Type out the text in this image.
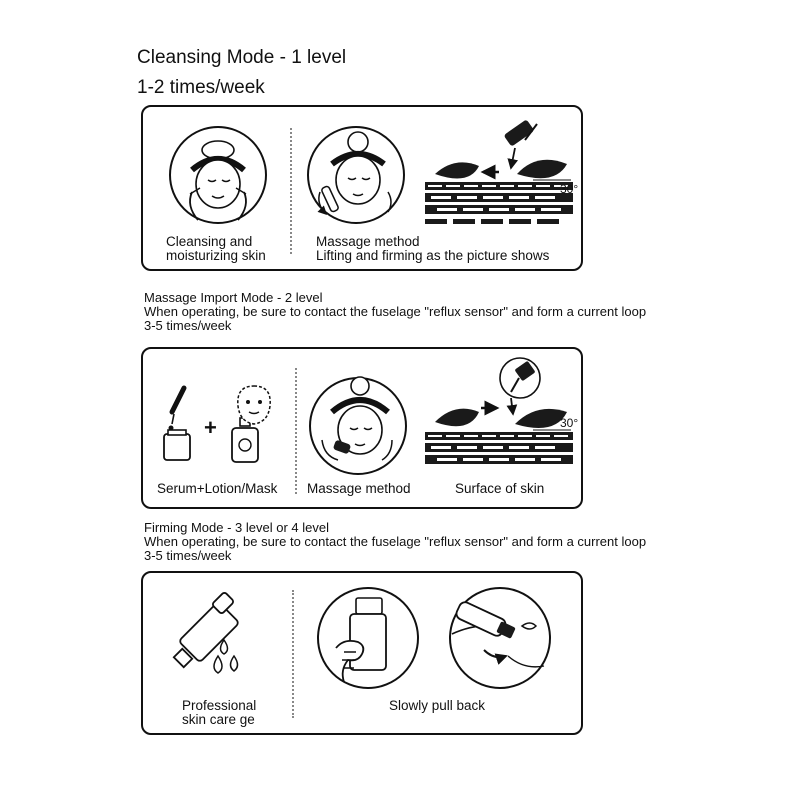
Cleansing Mode - 1 level
1-2 times/week
30°
Cleansing and
moisturizing skin
Massage method
Lifting and firming as the picture shows
Massage Import Mode - 2 level
When operating, be sure to contact the fuselage "reflux sensor" and form a current loop
3-5 times/week
+	30°
Serum+Lotion/Mask Massage method	Surface of skin
Firming Mode - 3 level or 4 level
When operating, be sure to contact the fuselage "reflux sensor" and form a current loop
3-5 times/week
Professional
skin care ge
Slowly pull back
